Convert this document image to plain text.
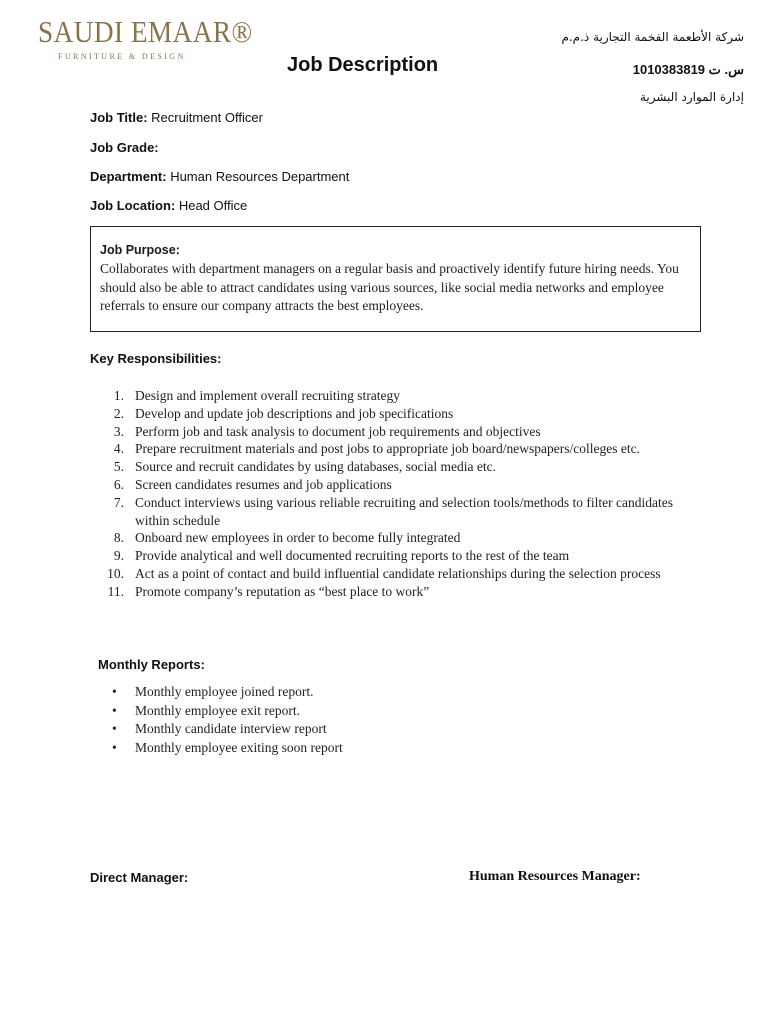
SAUDI EMAAR®
FURNITURE & DESIGN	Job Description
شركة الأطعمة الفخمة التجارية ذ.م.م
س. ت 1010383819
إدارة الموارد البشرية
Job Title: Recruitment Officer
Job Grade:
Department: Human Resources Department
Job Location: Head Office
Job Purpose:
Collaborates with department managers on a regular basis and proactively identify future hiring needs. You should also be able to attract candidates using various sources, like social media networks and employee referrals to ensure our company attracts the best employees.
Key Responsibilities:
1. Design and implement overall recruiting strategy
2. Develop and update job descriptions and job specifications
3. Perform job and task analysis to document job requirements and objectives
4. Prepare recruitment materials and post jobs to appropriate job board/newspapers/colleges etc.
5. Source and recruit candidates by using databases, social media etc.
6. Screen candidates resumes and job applications
7. Conduct interviews using various reliable recruiting and selection tools/methods to filter candidates within schedule
8. Onboard new employees in order to become fully integrated
9. Provide analytical and well documented recruiting reports to the rest of the team
10. Act as a point of contact and build influential candidate relationships during the selection process
11. Promote company’s reputation as “best place to work”
Monthly Reports:
• Monthly employee joined report.
• Monthly employee exit report.
• Monthly candidate interview report
• Monthly employee exiting soon report
Direct Manager:	Human Resources Manager:
